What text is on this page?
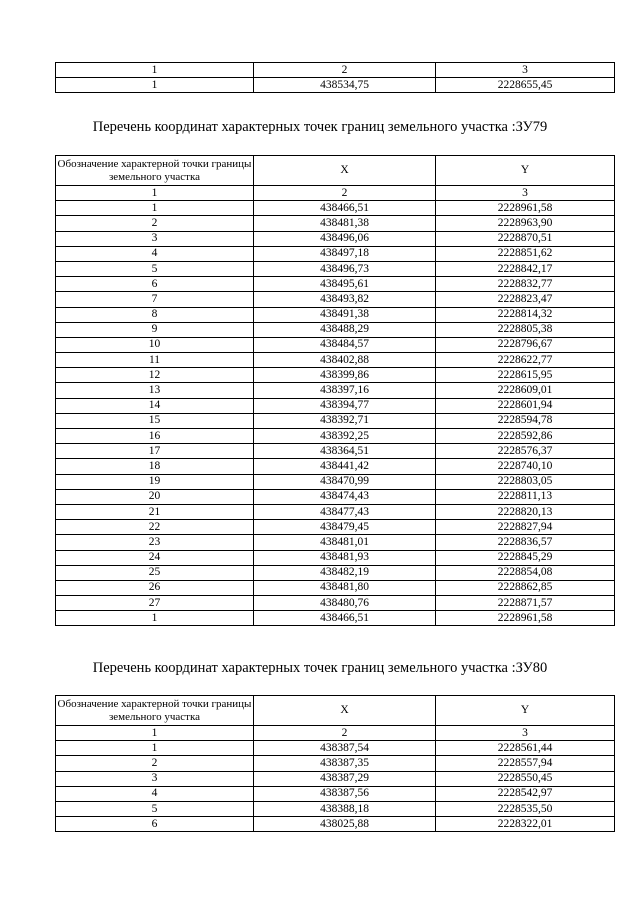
1	2	3
1	438534,75	2228655,45
Перечень координат характерных точек границ земельного участка :ЗУ79
Обозначение характерной точки границы земельного участка	X	Y
1	2	3
1	438466,51	2228961,58
2	438481,38	2228963,90
3	438496,06	2228870,51
4	438497,18	2228851,62
5	438496,73	2228842,17
6	438495,61	2228832,77
7	438493,82	2228823,47
8	438491,38	2228814,32
9	438488,29	2228805,38
10	438484,57	2228796,67
11	438402,88	2228622,77
12	438399,86	2228615,95
13	438397,16	2228609,01
14	438394,77	2228601,94
15	438392,71	2228594,78
16	438392,25	2228592,86
17	438364,51	2228576,37
18	438441,42	2228740,10
19	438470,99	2228803,05
20	438474,43	2228811,13
21	438477,43	2228820,13
22	438479,45	2228827,94
23	438481,01	2228836,57
24	438481,93	2228845,29
25	438482,19	2228854,08
26	438481,80	2228862,85
27	438480,76	2228871,57
1	438466,51	2228961,58
Перечень координат характерных точек границ земельного участка :ЗУ80
Обозначение характерной точки границы земельного участка	X	Y
1	2	3
1	438387,54	2228561,44
2	438387,35	2228557,94
3	438387,29	2228550,45
4	438387,56	2228542,97
5	438388,18	2228535,50
6	438025,88	2228322,01
